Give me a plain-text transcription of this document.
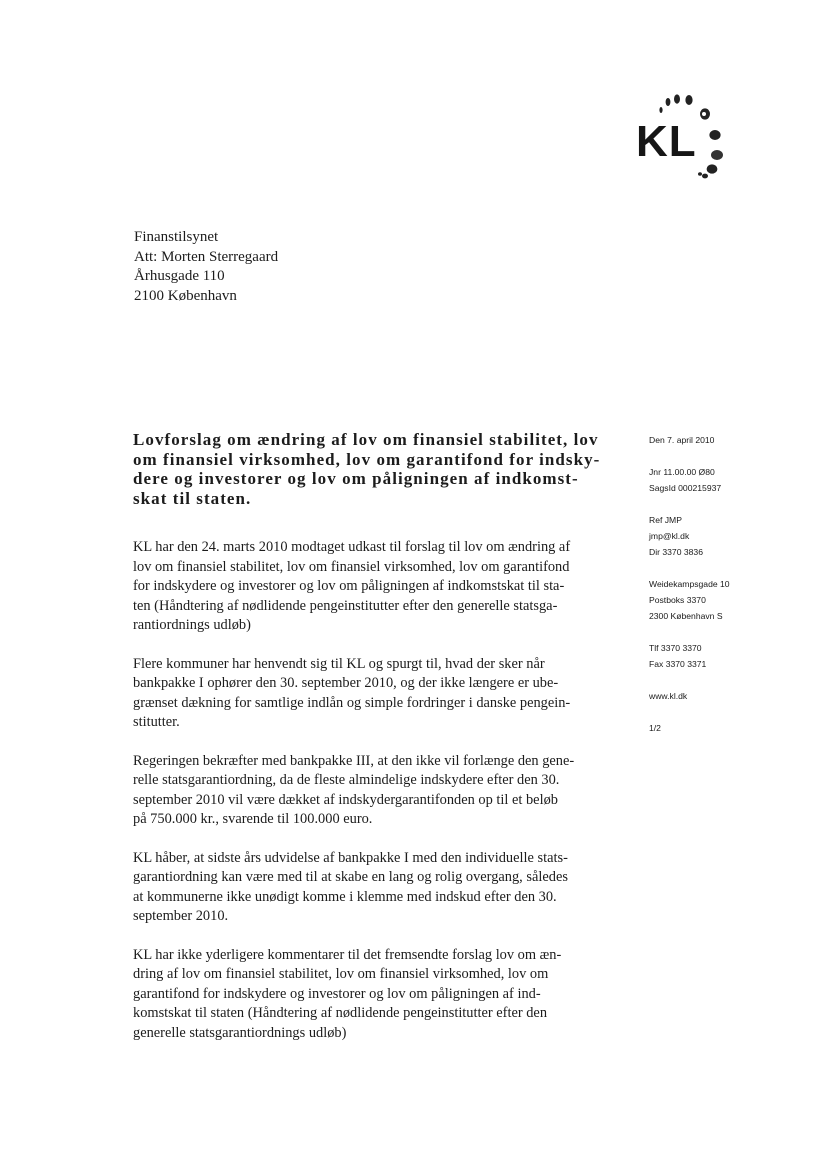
KL
Finanstilsynet
Att: Morten Sterregaard
Århusgade 110
2100 København
Lovforslag om ændring af lov om finansiel stabilitet, lov
om finansiel virksomhed, lov om garantifond for indsky-
dere og investorer og lov om påligningen af indkomst-
skat til staten.
KL har den 24. marts 2010 modtaget udkast til forslag til lov om ændring af
lov om finansiel stabilitet, lov om finansiel virksomhed, lov om garantifond
for indskydere og investorer og lov om påligningen af indkomstskat til sta-
ten (Håndtering af nødlidende pengeinstitutter efter den generelle statsga-
rantiordnings udløb)
Flere kommuner har henvendt sig til KL og spurgt til, hvad der sker når
bankpakke I ophører den 30. september 2010, og der ikke længere er ube-
grænset dækning for samtlige indlån og simple fordringer i danske pengein-
stitutter.
Regeringen bekræfter med bankpakke III, at den ikke vil forlænge den gene-
relle statsgarantiordning, da de fleste almindelige indskydere efter den 30.
september 2010 vil være dækket af indskydergarantifonden op til et beløb
på 750.000 kr., svarende til 100.000 euro.
KL håber, at sidste års udvidelse af bankpakke I med den individuelle stats-
garantiordning kan være med til at skabe en lang og rolig overgang, således
at kommunerne ikke unødigt komme i klemme med indskud efter den 30.
september 2010.
KL har ikke yderligere kommentarer til det fremsendte forslag lov om æn-
dring af lov om finansiel stabilitet, lov om finansiel virksomhed, lov om
garantifond for indskydere og investorer og lov om påligningen af ind-
komstskat til staten (Håndtering af nødlidende pengeinstitutter efter den
generelle statsgarantiordnings udløb)
Den 7. april 2010
Jnr 11.00.00 Ø80
SagsId 000215937
Ref JMP
jmp@kl.dk
Dir 3370 3836
Weidekampsgade 10
Postboks 3370
2300 København S
Tlf 3370 3370
Fax 3370 3371
www.kl.dk
1/2
